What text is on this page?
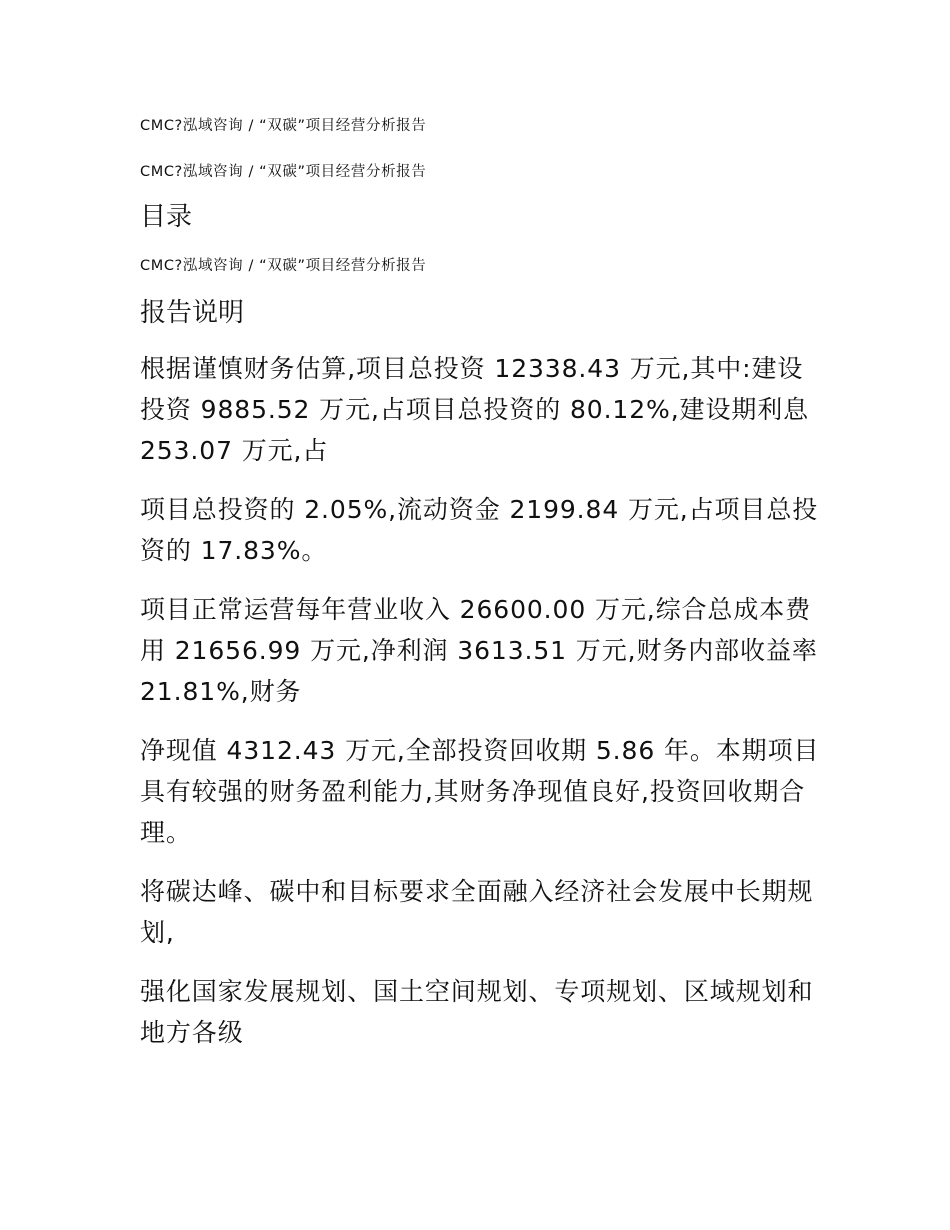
CMC?泓域咨询 / “双碳”项目经营分析报告

CMC?泓域咨询 / “双碳”项目经营分析报告

目录

CMC?泓域咨询 / “双碳”项目经营分析报告

报告说明

根据谨慎财务估算,项目总投资 12338.43 万元,其中:建设投资 9885.52 万元,占项目总投资的 80.12%,建设期利息 253.07 万元,占

项目总投资的 2.05%,流动资金 2199.84 万元,占项目总投资的 17.83%。

项目正常运营每年营业收入 26600.00 万元,综合总成本费用 21656.99 万元,净利润 3613.51 万元,财务内部收益率 21.81%,财务

净现值 4312.43 万元,全部投资回收期 5.86 年。本期项目具有较强的财务盈利能力,其财务净现值良好,投资回收期合理。

将碳达峰、碳中和目标要求全面融入经济社会发展中长期规划,

强化国家发展规划、国土空间规划、专项规划、区域规划和地方各级
